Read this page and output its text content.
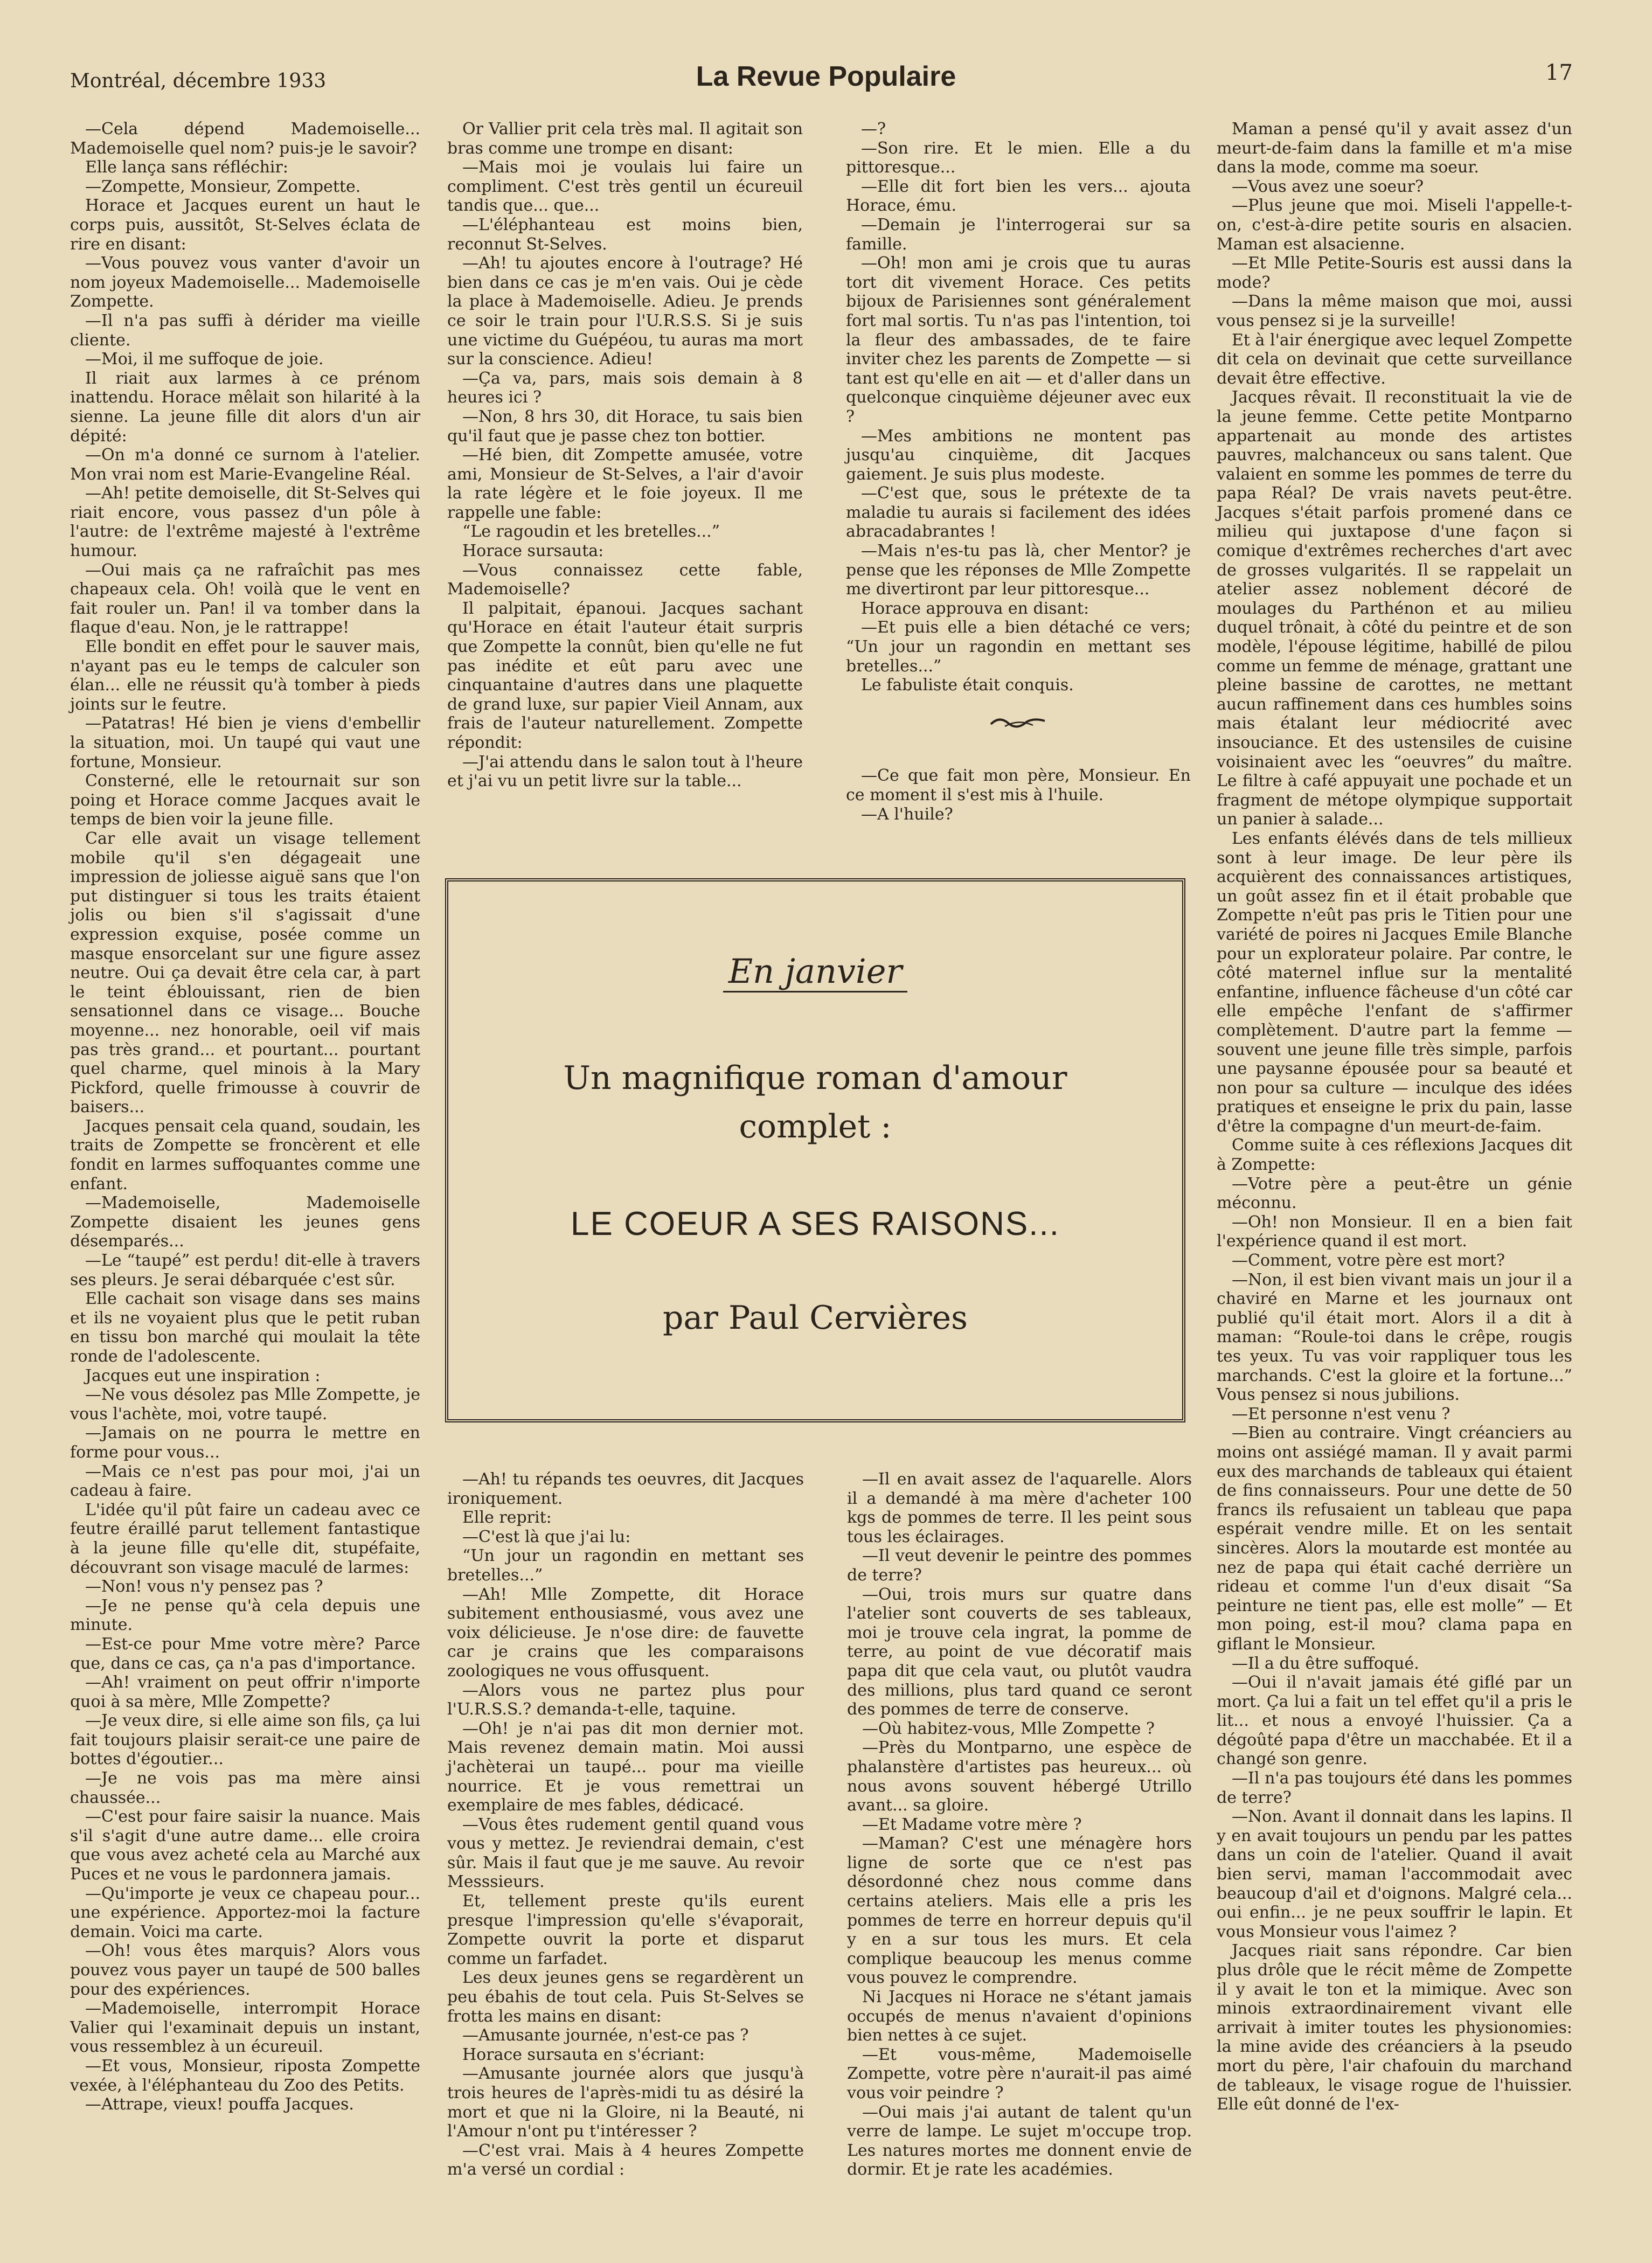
Montréal, décembre 1933	La Revue Populaire	17

—Cela dépend Mademoiselle... Mademoiselle quel nom? puis-je le savoir?

Elle lança sans réfléchir:

—Zompette, Monsieur, Zompette.

Horace et Jacques eurent un haut le corps puis, aussitôt, St-Selves éclata de rire en disant:

—Vous pouvez vous vanter d'avoir un nom joyeux Mademoiselle... Mademoiselle Zompette.

—Il n'a pas suffi à dérider ma vieille cliente.

—Moi, il me suffoque de joie.

Il riait aux larmes à ce prénom inattendu. Horace mêlait son hilarité à la sienne. La jeune fille dit alors d'un air dépité:

—On m'a donné ce surnom à l'atelier. Mon vrai nom est Marie-Evangeline Réal.

—Ah! petite demoiselle, dit St-Selves qui riait encore, vous passez d'un pôle à l'autre: de l'extrême majesté à l'extrême humour.

—Oui mais ça ne rafraîchit pas mes chapeaux cela. Oh! voilà que le vent en fait rouler un. Pan! il va tomber dans la flaque d'eau. Non, je le rattrappe!

Elle bondit en effet pour le sauver mais, n'ayant pas eu le temps de calculer son élan... elle ne réussit qu'à tomber à pieds joints sur le feutre.

—Patatras! Hé bien je viens d'embellir la situation, moi. Un taupé qui vaut une fortune, Monsieur.

Consterné, elle le retournait sur son poing et Horace comme Jacques avait le temps de bien voir la jeune fille.

Car elle avait un visage tellement mobile qu'il s'en dégageait une impression de joliesse aiguë sans que l'on put distinguer si tous les traits étaient jolis ou bien s'il s'agissait d'une expression exquise, posée comme un masque ensorcelant sur une figure assez neutre. Oui ça devait être cela car, à part le teint éblouissant, rien de bien sensationnel dans ce visage... Bouche moyenne... nez honorable, oeil vif mais pas très grand... et pourtant... pourtant quel charme, quel minois à la Mary Pickford, quelle frimousse à couvrir de baisers...

Jacques pensait cela quand, soudain, les traits de Zompette se froncèrent et elle fondit en larmes suffoquantes comme une enfant.

—Mademoiselle, Mademoiselle Zompette disaient les jeunes gens désemparés...

—Le “taupé” est perdu! dit-elle à travers ses pleurs. Je serai débarquée c'est sûr.

Elle cachait son visage dans ses mains et ils ne voyaient plus que le petit ruban en tissu bon marché qui moulait la tête ronde de l'adolescente.

Jacques eut une inspiration :

—Ne vous désolez pas Mlle Zompette, je vous l'achète, moi, votre taupé.

—Jamais on ne pourra le mettre en forme pour vous...

—Mais ce n'est pas pour moi, j'ai un cadeau à faire.

L'idée qu'il pût faire un cadeau avec ce feutre éraillé parut tellement fantastique à la jeune fille qu'elle dit, stupéfaite, découvrant son visage maculé de larmes:

—Non! vous n'y pensez pas ?

—Je ne pense qu'à cela depuis une minute.

—Est-ce pour Mme votre mère? Parce que, dans ce cas, ça n'a pas d'importance.

—Ah! vraiment on peut offrir n'importe quoi à sa mère, Mlle Zompette?

—Je veux dire, si elle aime son fils, ça lui fait toujours plaisir serait-ce une paire de bottes d'égoutier...

—Je ne vois pas ma mère ainsi chaussée...

—C'est pour faire saisir la nuance. Mais s'il s'agit d'une autre dame... elle croira que vous avez acheté cela au Marché aux Puces et ne vous le pardonnera jamais.

—Qu'importe je veux ce chapeau pour... une expérience. Apportez-moi la facture demain. Voici ma carte.

—Oh! vous êtes marquis? Alors vous pouvez vous payer un taupé de 500 balles pour des expériences.

—Mademoiselle, interrompit Horace Valier qui l'examinait depuis un instant, vous ressemblez à un écureuil.

—Et vous, Monsieur, riposta Zompette vexée, à l'éléphanteau du Zoo des Petits.

—Attrape, vieux! pouffa Jacques.

Or Vallier prit cela très mal. Il agitait son bras comme une trompe en disant:

—Mais moi je voulais lui faire un compliment. C'est très gentil un écureuil tandis que... que...

—L'éléphanteau est moins bien, reconnut St-Selves.

—Ah! tu ajoutes encore à l'outrage? Hé bien dans ce cas je m'en vais. Oui je cède la place à Mademoiselle. Adieu. Je prends ce soir le train pour l'U.R.S.S. Si je suis une victime du Guépéou, tu auras ma mort sur la conscience. Adieu!

—Ça va, pars, mais sois demain à 8 heures ici ?

—Non, 8 hrs 30, dit Horace, tu sais bien qu'il faut que je passe chez ton bottier.

—Hé bien, dit Zompette amusée, votre ami, Monsieur de St-Selves, a l'air d'avoir la rate légère et le foie joyeux. Il me rappelle une fable:

“Le ragoudin et les bretelles...”

Horace sursauta:

—Vous connaissez cette fable, Mademoiselle?

Il palpitait, épanoui. Jacques sachant qu'Horace en était l'auteur était surpris que Zompette la connût, bien qu'elle ne fut pas inédite et eût paru avec une cinquantaine d'autres dans une plaquette de grand luxe, sur papier Vieil Annam, aux frais de l'auteur naturellement. Zompette répondit:

—J'ai attendu dans le salon tout à l'heure et j'ai vu un petit livre sur la table...

—?

—Son rire. Et le mien. Elle a du pittoresque...

—Elle dit fort bien les vers... ajouta Horace, ému.

—Demain je l'interrogerai sur sa famille.

—Oh! mon ami je crois que tu auras tort dit vivement Horace. Ces petits bijoux de Parisiennes sont généralement fort mal sortis. Tu n'as pas l'intention, toi la fleur des ambassades, de te faire inviter chez les parents de Zompette — si tant est qu'elle en ait — et d'aller dans un quelconque cinquième déjeuner avec eux ?

—Mes ambitions ne montent pas jusqu'au cinquième, dit Jacques gaiement. Je suis plus modeste.

—C'est que, sous le prétexte de ta maladie tu aurais si facilement des idées abracadabrantes !

—Mais n'es-tu pas là, cher Mentor? je pense que les réponses de Mlle Zompette me divertiront par leur pittoresque...

Horace approuva en disant:

—Et puis elle a bien détaché ce vers; “Un jour un ragondin en mettant ses bretelles...”

Le fabuliste était conquis.

—Ce que fait mon père, Monsieur. En ce moment il s'est mis à l'huile.

—A l'huile?

Maman a pensé qu'il y avait assez d'un meurt-de-faim dans la famille et m'a mise dans la mode, comme ma soeur.

—Vous avez une soeur?

—Plus jeune que moi. Miseli l'appelle-t-on, c'est-à-dire petite souris en alsacien. Maman est alsacienne.

—Et Mlle Petite-Souris est aussi dans la mode?

—Dans la même maison que moi, aussi vous pensez si je la surveille!

Et à l'air énergique avec lequel Zompette dit cela on devinait que cette surveillance devait être effective.

Jacques rêvait. Il reconstituait la vie de la jeune femme. Cette petite Montparno appartenait au monde des artistes pauvres, malchanceux ou sans talent. Que valaient en somme les pommes de terre du papa Réal? De vrais navets peut-être. Jacques s'était parfois promené dans ce milieu qui juxtapose d'une façon si comique d'extrêmes recherches d'art avec de grosses vulgarités. Il se rappelait un atelier assez noblement décoré de moulages du Parthénon et au milieu duquel trônait, à côté du peintre et de son modèle, l'épouse légitime, habillé de pilou comme un femme de ménage, grattant une pleine bassine de carottes, ne mettant aucun raffinement dans ces humbles soins mais étalant leur médiocrité avec insouciance. Et des ustensiles de cuisine voisinaient avec les “oeuvres” du maître. Le filtre à café appuyait une pochade et un fragment de métope olympique supportait un panier à salade...

Les enfants élévés dans de tels millieux sont à leur image. De leur père ils acquièrent des connaissances artistiques, un goût assez fin et il était probable que Zompette n'eût pas pris le Titien pour une variété de poires ni Jacques Emile Blanche pour un explorateur polaire. Par contre, le côté maternel influe sur la mentalité enfantine, influence fâcheuse d'un côté car elle empêche l'enfant de s'affirmer complètement. D'autre part la femme — souvent une jeune fille très simple, parfois une paysanne épousée pour sa beauté et non pour sa culture — inculque des idées pratiques et enseigne le prix du pain, lasse d'être la compagne d'un meurt-de-faim.

Comme suite à ces réflexions Jacques dit à Zompette:

—Votre père a peut-être un génie méconnu.

—Oh! non Monsieur. Il en a bien fait l'expérience quand il est mort.

—Comment, votre père est mort?

—Non, il est bien vivant mais un jour il a chaviré en Marne et les journaux ont publié qu'il était mort. Alors il a dit à maman: “Roule-toi dans le crêpe, rougis tes yeux. Tu vas voir rappliquer tous les marchands. C'est la gloire et la fortune...” Vous pensez si nous jubilions.

—Et personne n'est venu ?

—Bien au contraire. Vingt créanciers au moins ont assiégé maman. Il y avait parmi eux des marchands de tableaux qui étaient de fins connaisseurs. Pour une dette de 50 francs ils refusaient un tableau que papa espérait vendre mille. Et on les sentait sincères. Alors la moutarde est montée au nez de papa qui était caché derrière un rideau et comme l'un d'eux disait “Sa peinture ne tient pas, elle est molle” — Et mon poing, est-il mou? clama papa en giflant le Monsieur.

—Il a du être suffoqué.

—Oui il n'avait jamais été giflé par un mort. Ça lui a fait un tel effet qu'il a pris le lit... et nous a envoyé l'huissier. Ça a dégoûté papa d'être un macchabée. Et il a changé son genre.

—Il n'a pas toujours été dans les pommes de terre?

—Non. Avant il donnait dans les lapins. Il y en avait toujours un pendu par les pattes dans un coin de l'atelier. Quand il avait bien servi, maman l'accommodait avec beaucoup d'ail et d'oignons. Malgré cela... oui enfin... je ne peux souffrir le lapin. Et vous Monsieur vous l'aimez ?

Jacques riait sans répondre. Car bien plus drôle que le récit même de Zompette il y avait le ton et la mimique. Avec son minois extraordinairement vivant elle arrivait à imiter toutes les physionomies: la mine avide des créanciers à la pseudo mort du père, l'air chafouin du marchand de tableaux, le visage rogue de l'huissier. Elle eût donné de l'ex-

—Ah! tu répands tes oeuvres, dit Jacques ironiquement.

Elle reprit:

—C'est là que j'ai lu:

“Un jour un ragondin en mettant ses bretelles...”

—Ah! Mlle Zompette, dit Horace subitement enthousiasmé, vous avez une voix délicieuse. Je n'ose dire: de fauvette car je crains que les comparaisons zoologiques ne vous offusquent.

—Alors vous ne partez plus pour l'U.R.S.S.? demanda-t-elle, taquine.

—Oh! je n'ai pas dit mon dernier mot. Mais revenez demain matin. Moi aussi j'achèterai un taupé... pour ma vieille nourrice. Et je vous remettrai un exemplaire de mes fables, dédicacé.

—Vous êtes rudement gentil quand vous vous y mettez. Je reviendrai demain, c'est sûr. Mais il faut que je me sauve. Au revoir Messsieurs.

Et, tellement preste qu'ils eurent presque l'impression qu'elle s'évaporait, Zompette ouvrit la porte et disparut comme un farfadet.

Les deux jeunes gens se regardèrent un peu ébahis de tout cela. Puis St-Selves se frotta les mains en disant:

—Amusante journée, n'est-ce pas ?

Horace sursauta en s'écriant:

—Amusante journée alors que jusqu'à trois heures de l'après-midi tu as désiré la mort et que ni la Gloire, ni la Beauté, ni l'Amour n'ont pu t'intéresser ?

—C'est vrai. Mais à 4 heures Zompette m'a versé un cordial :

—Il en avait assez de l'aquarelle. Alors il a demandé à ma mère d'acheter 100 kgs de pommes de terre. Il les peint sous tous les éclairages.

—Il veut devenir le peintre des pommes de terre?

—Oui, trois murs sur quatre dans l'atelier sont couverts de ses tableaux, moi je trouve cela ingrat, la pomme de terre, au point de vue décoratif mais papa dit que cela vaut, ou plutôt vaudra des millions, plus tard quand ce seront des pommes de terre de conserve.

—Où habitez-vous, Mlle Zompette ?

—Près du Montparno, une espèce de phalanstère d'artistes pas heureux... où nous avons souvent hébergé Utrillo avant... sa gloire.

—Et Madame votre mère ?

—Maman? C'est une ménagère hors ligne de sorte que ce n'est pas désordonné chez nous comme dans certains ateliers. Mais elle a pris les pommes de terre en horreur depuis qu'il y en a sur tous les murs. Et cela complique beaucoup les menus comme vous pouvez le comprendre.

Ni Jacques ni Horace ne s'étant jamais occupés de menus n'avaient d'opinions bien nettes à ce sujet.

—Et vous-même, Mademoiselle Zompette, votre père n'aurait-il pas aimé vous voir peindre ?

—Oui mais j'ai autant de talent qu'un verre de lampe. Le sujet m'occupe trop. Les natures mortes me donnent envie de dormir. Et je rate les académies.

En janvier
Un magnifique roman d'amour
complet :
LE COEUR A SES RAISONS...
par Paul Cervières
